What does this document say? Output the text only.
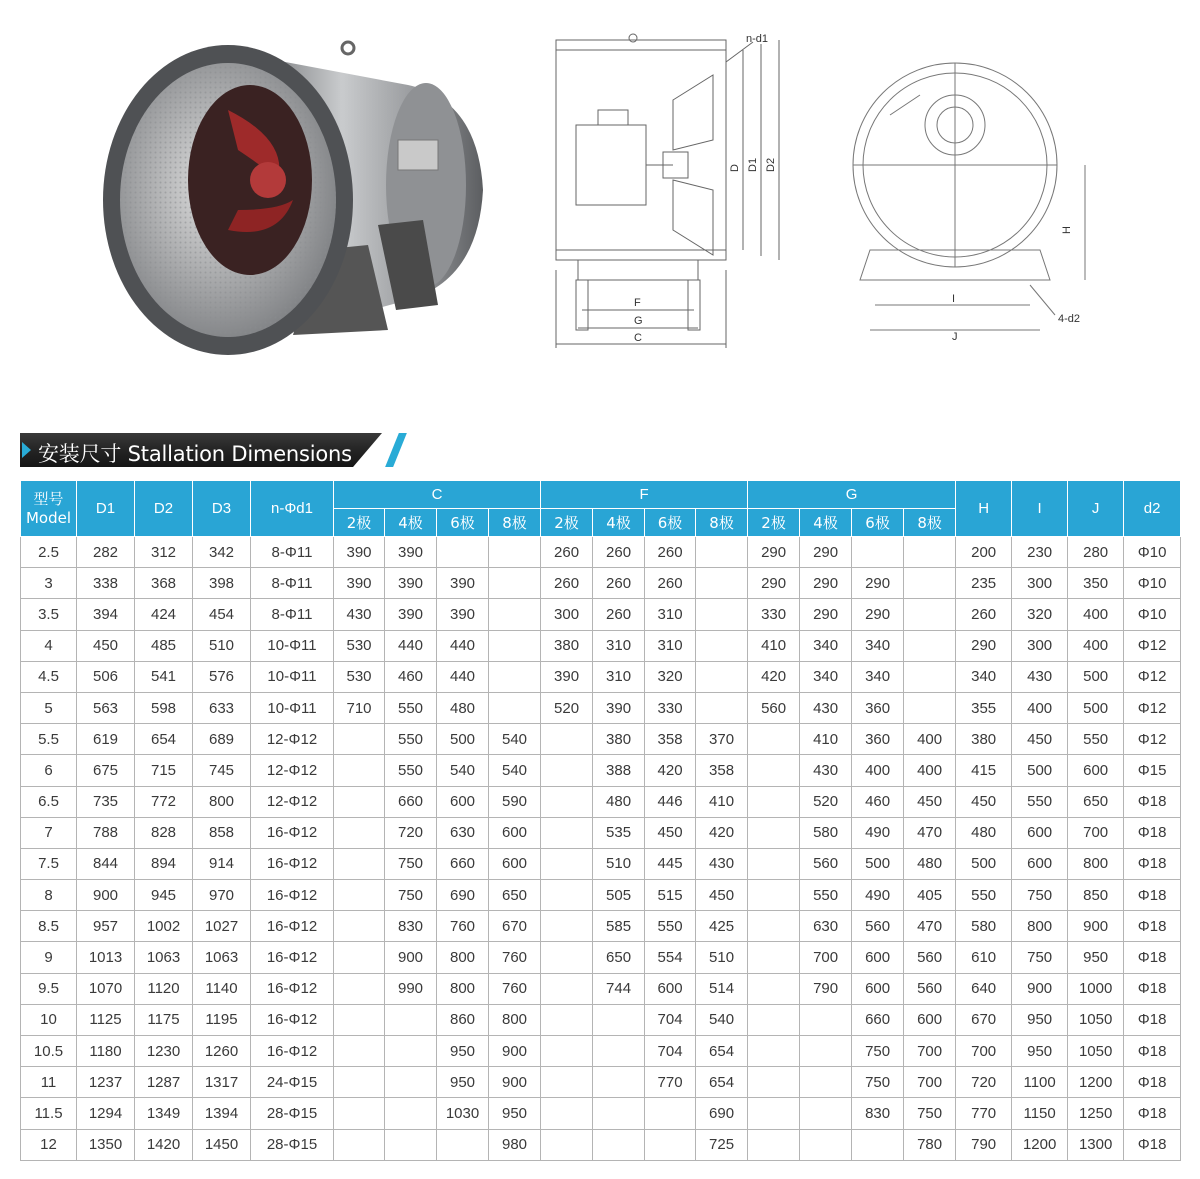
n-d1
D D1 D2
F
G
C
H
I
J
4-d2
安装尺寸 Stallation Dimensions
型号
Model	D1	D2	D3	n-Φd1	C				F				G				H	I	J	d2
					2极	4极	6极	8极	2极	4极	6极	8极	2极	4极	6极	8极				
2.5	282	312	342	8-Φ11	390	390			260	260	260		290	290			200	230	280	Φ10
3	338	368	398	8-Φ11	390	390	390		260	260	260		290	290	290		235	300	350	Φ10
3.5	394	424	454	8-Φ11	430	390	390		300	260	310		330	290	290		260	320	400	Φ10
4	450	485	510	10-Φ11	530	440	440		380	310	310		410	340	340		290	300	400	Φ12
4.5	506	541	576	10-Φ11	530	460	440		390	310	320		420	340	340		340	430	500	Φ12
5	563	598	633	10-Φ11	710	550	480		520	390	330		560	430	360		355	400	500	Φ12
5.5	619	654	689	12-Φ12		550	500	540		380	358	370		410	360	400	380	450	550	Φ12
6	675	715	745	12-Φ12		550	540	540		388	420	358		430	400	400	415	500	600	Φ15
6.5	735	772	800	12-Φ12		660	600	590		480	446	410		520	460	450	450	550	650	Φ18
7	788	828	858	16-Φ12		720	630	600		535	450	420		580	490	470	480	600	700	Φ18
7.5	844	894	914	16-Φ12		750	660	600		510	445	430		560	500	480	500	600	800	Φ18
8	900	945	970	16-Φ12		750	690	650		505	515	450		550	490	405	550	750	850	Φ18
8.5	957	1002	1027	16-Φ12		830	760	670		585	550	425		630	560	470	580	800	900	Φ18
9	1013	1063	1063	16-Φ12		900	800	760		650	554	510		700	600	560	610	750	950	Φ18
9.5	1070	1120	1140	16-Φ12		990	800	760		744	600	514		790	600	560	640	900	1000	Φ18
10	1125	1175	1195	16-Φ12			860	800			704	540			660	600	670	950	1050	Φ18
10.5	1180	1230	1260	16-Φ12			950	900			704	654			750	700	700	950	1050	Φ18
11	1237	1287	1317	24-Φ15			950	900			770	654			750	700	720	1100	1200	Φ18
11.5	1294	1349	1394	28-Φ15			1030	950				690			830	750	770	1150	1250	Φ18
12	1350	1420	1450	28-Φ15				980				725				780	790	1200	1300	Φ18
